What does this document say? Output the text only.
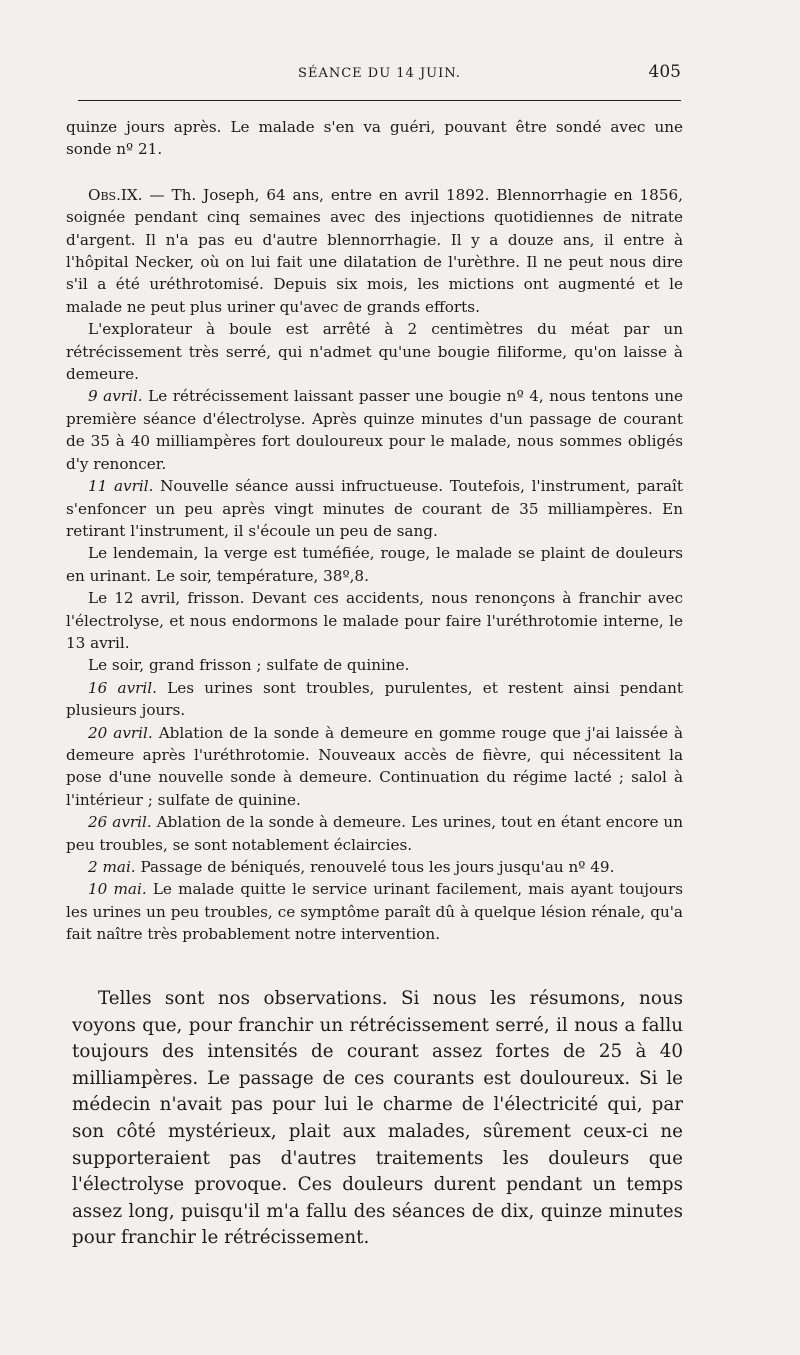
SÉANCE DU 14 JUIN.	405

quinze jours après. Le malade s'en va guéri, pouvant être sondé avec une sonde nº 21.

Obs.IX. — Th. Joseph, 64 ans, entre en avril 1892. Blennorrhagie en 1856, soignée pendant cinq semaines avec des injections quotidiennes de nitrate d'argent. Il n'a pas eu d'autre blennorrhagie. Il y a douze ans, il entre à l'hôpital Necker, où on lui fait une dilatation de l'urèthre. Il ne peut nous dire s'il a été uréthrotomisé. Depuis six mois, les mictions ont augmenté et le malade ne peut plus uriner qu'avec de grands efforts.

L'explorateur à boule est arrêté à 2 centimètres du méat par un rétrécissement très serré, qui n'admet qu'une bougie filiforme, qu'on laisse à demeure.

9 avril. Le rétrécissement laissant passer une bougie nº 4, nous tentons une première séance d'électrolyse. Après quinze minutes d'un passage de courant de 35 à 40 milliampères fort douloureux pour le malade, nous sommes obligés d'y renoncer.

11 avril. Nouvelle séance aussi infructueuse. Toutefois, l'instrument, paraît s'enfoncer un peu après vingt minutes de courant de 35 milliampères. En retirant l'instrument, il s'écoule un peu de sang.

Le lendemain, la verge est tuméfiée, rouge, le malade se plaint de douleurs en urinant. Le soir, température, 38º,8.

Le 12 avril, frisson. Devant ces accidents, nous renonçons à franchir avec l'électrolyse, et nous endormons le malade pour faire l'uréthrotomie interne, le 13 avril.

Le soir, grand frisson ; sulfate de quinine.

16 avril. Les urines sont troubles, purulentes, et restent ainsi pendant plusieurs jours.

20 avril. Ablation de la sonde à demeure en gomme rouge que j'ai laissée à demeure après l'uréthrotomie. Nouveaux accès de fièvre, qui nécessitent la pose d'une nouvelle sonde à demeure. Continuation du régime lacté ; salol à l'intérieur ; sulfate de quinine.

26 avril. Ablation de la sonde à demeure. Les urines, tout en étant encore un peu troubles, se sont notablement éclaircies.

2 mai. Passage de béniqués, renouvelé tous les jours jusqu'au nº 49.

10 mai. Le malade quitte le service urinant facilement, mais ayant toujours les urines un peu troubles, ce symptôme paraît dû à quelque lésion rénale, qu'a fait naître très probablement notre intervention.

Telles sont nos observations. Si nous les résumons, nous voyons que, pour franchir un rétrécissement serré, il nous a fallu toujours des intensités de courant assez fortes de 25 à 40 milliampères. Le passage de ces courants est douloureux. Si le médecin n'avait pas pour lui le charme de l'électricité qui, par son côté mystérieux, plait aux malades, sûrement ceux-ci ne supporteraient pas d'autres traitements les douleurs que l'électrolyse provoque. Ces douleurs durent pendant un temps assez long, puisqu'il m'a fallu des séances de dix, quinze minutes pour franchir le rétrécissement.
